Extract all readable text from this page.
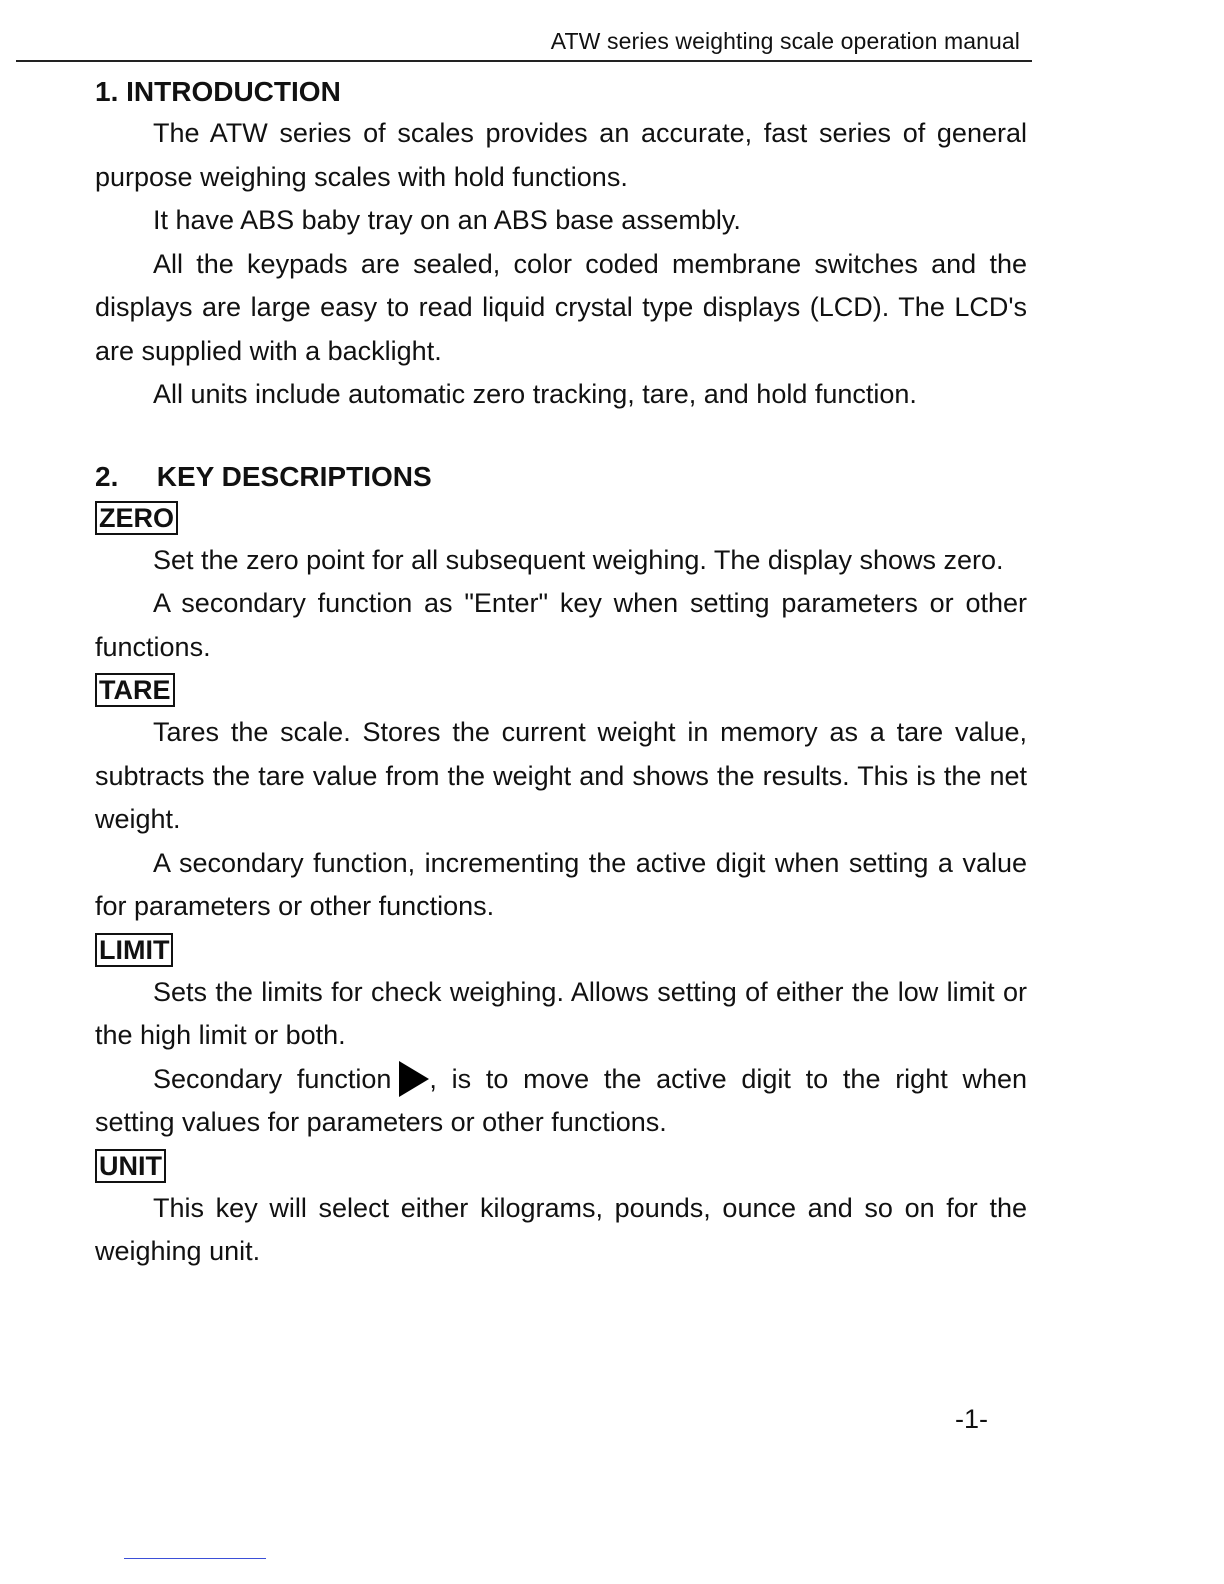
ATW series weighting scale operation manual
1. INTRODUCTION

The ATW series of scales provides an accurate, fast series of general purpose weighing scales with hold functions.

It have ABS baby tray on an ABS base assembly.

All the keypads are sealed, color coded membrane switches and the displays are large easy to read liquid crystal type displays (LCD). The LCD's are supplied with a backlight.

All units include automatic zero tracking, tare, and hold function.

2. KEY DESCRIPTIONS
ZERO

Set the zero point for all subsequent weighing. The display shows zero.

A secondary function as "Enter" key when setting parameters or other functions.

TARE

Tares the scale. Stores the current weight in memory as a tare value, subtracts the tare value from the weight and shows the results. This is the net weight.

A secondary function, incrementing the active digit when setting a value for parameters or other functions.

LIMIT

Sets the limits for check weighing. Allows setting of either the low limit or the high limit or both.

Secondary function , is to move the active digit to the right when setting values for parameters or other functions.

UNIT

This key will select either kilograms, pounds, ounce and so on for the weighing unit.

-1-
